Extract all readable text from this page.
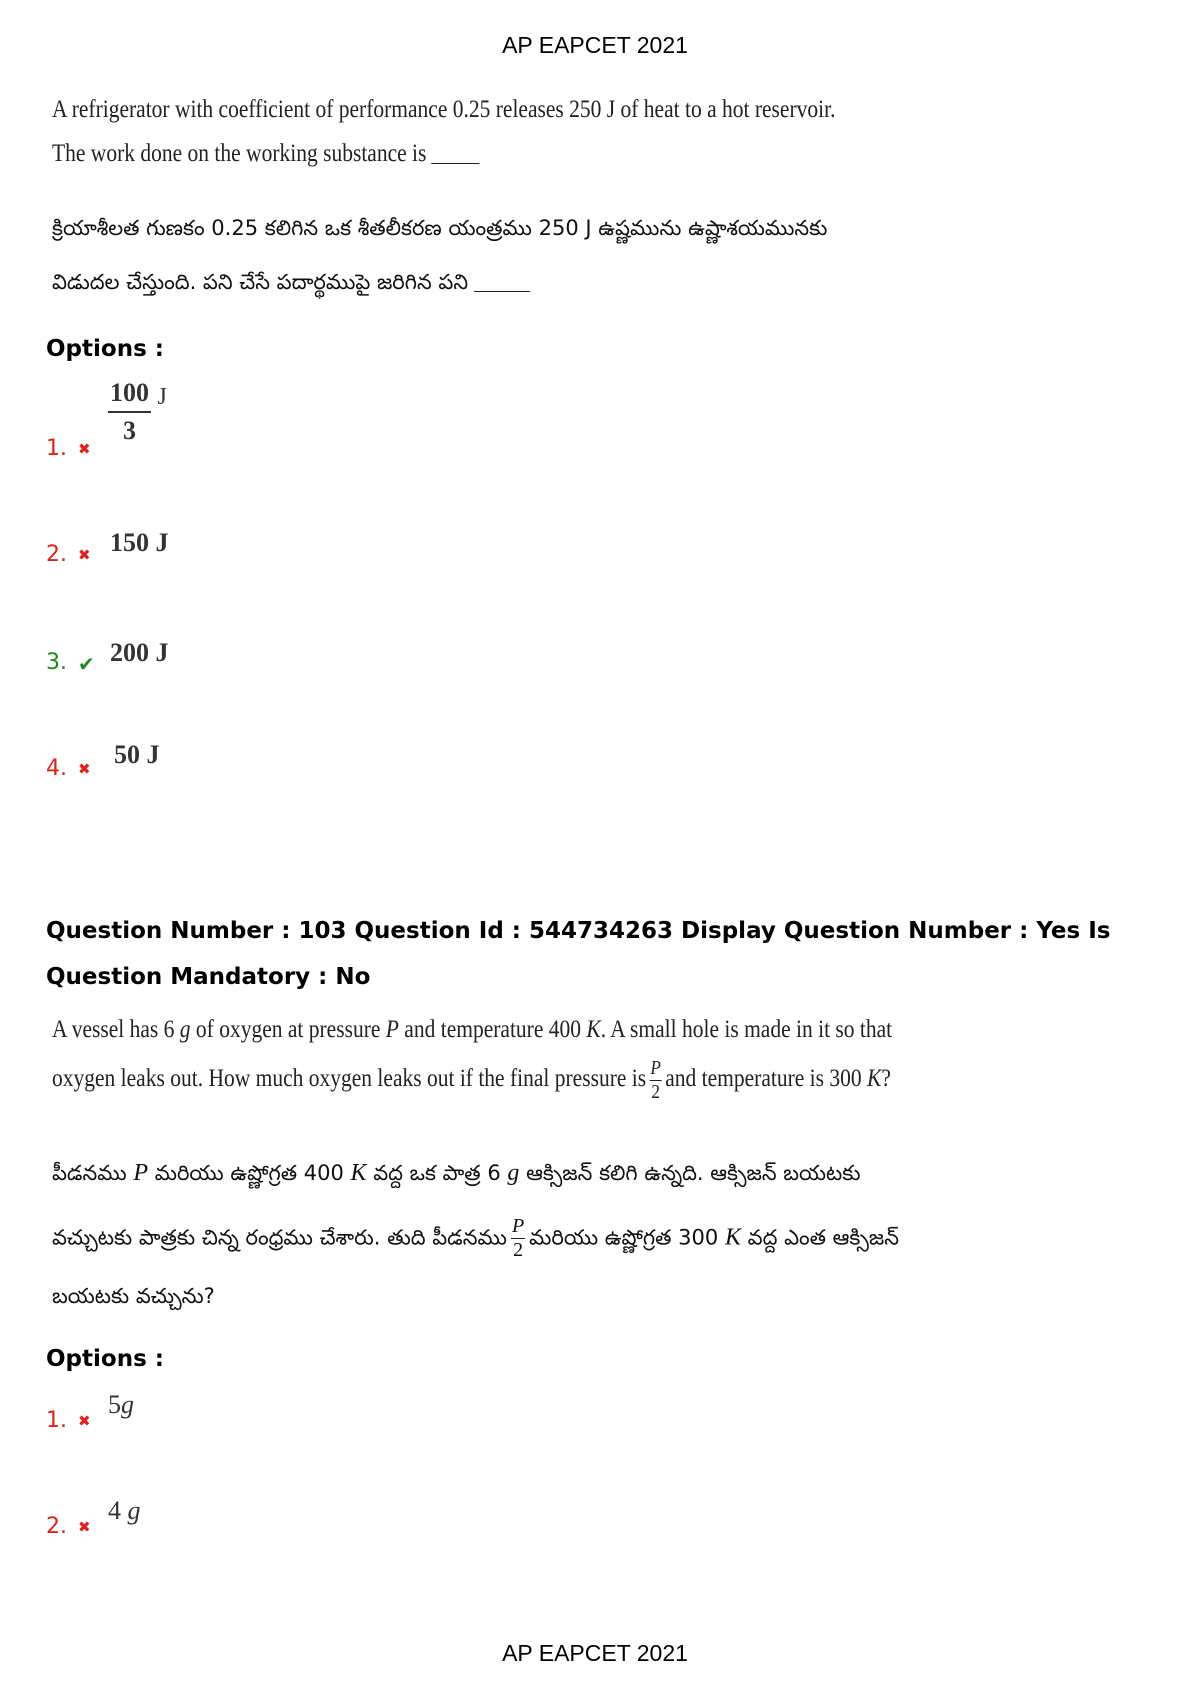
AP EAPCET 2021
A refrigerator with coefficient of performance 0.25 releases 250 J of heat to a hot reservoir.
The work done on the working substance is
క్రియాశీలత గుణకం 0.25 కలిగిన ఒక శీతలీకరణ యంత్రము 250 J ఉష్ణమును ఉష్ణాశయమునకు
విడుదల చేస్తుంది. పని చేసే పదార్థముపై జరిగిన పని
Options :
1. ✖
$\frac{100}{3}$ J
2. ✖ 150 J
3. ✔ 200 J
4. ✖ 50 J
Question Number : 103 Question Id : 544734263 Display Question Number : Yes Is Question Mandatory : No
A vessel has 6 g of oxygen at pressure P and temperature 400 K. A small hole is made in it so that
oxygen leaks out. How much oxygen leaks out if the final pressure is $\frac{P}{2}$ and temperature is 300 K?
పీడనము P మరియు ఉష్ణోగ్రత 400 K వద్ద ఒక పాత్ర 6 g ఆక్సిజన్ కలిగి ఉన్నది. ఆక్సిజన్ బయటకు
వచ్చుటకు పాత్రకు చిన్న రంధ్రము చేశారు. తుది పీడనము $\frac{P}{2}$ మరియు ఉష్ణోగ్రత 300 K వద్ద ఎంత ఆక్సిజన్
బయటకు వచ్చును?
Options :
1. ✖
5g
2. ✖
4 g
AP EAPCET 2021
